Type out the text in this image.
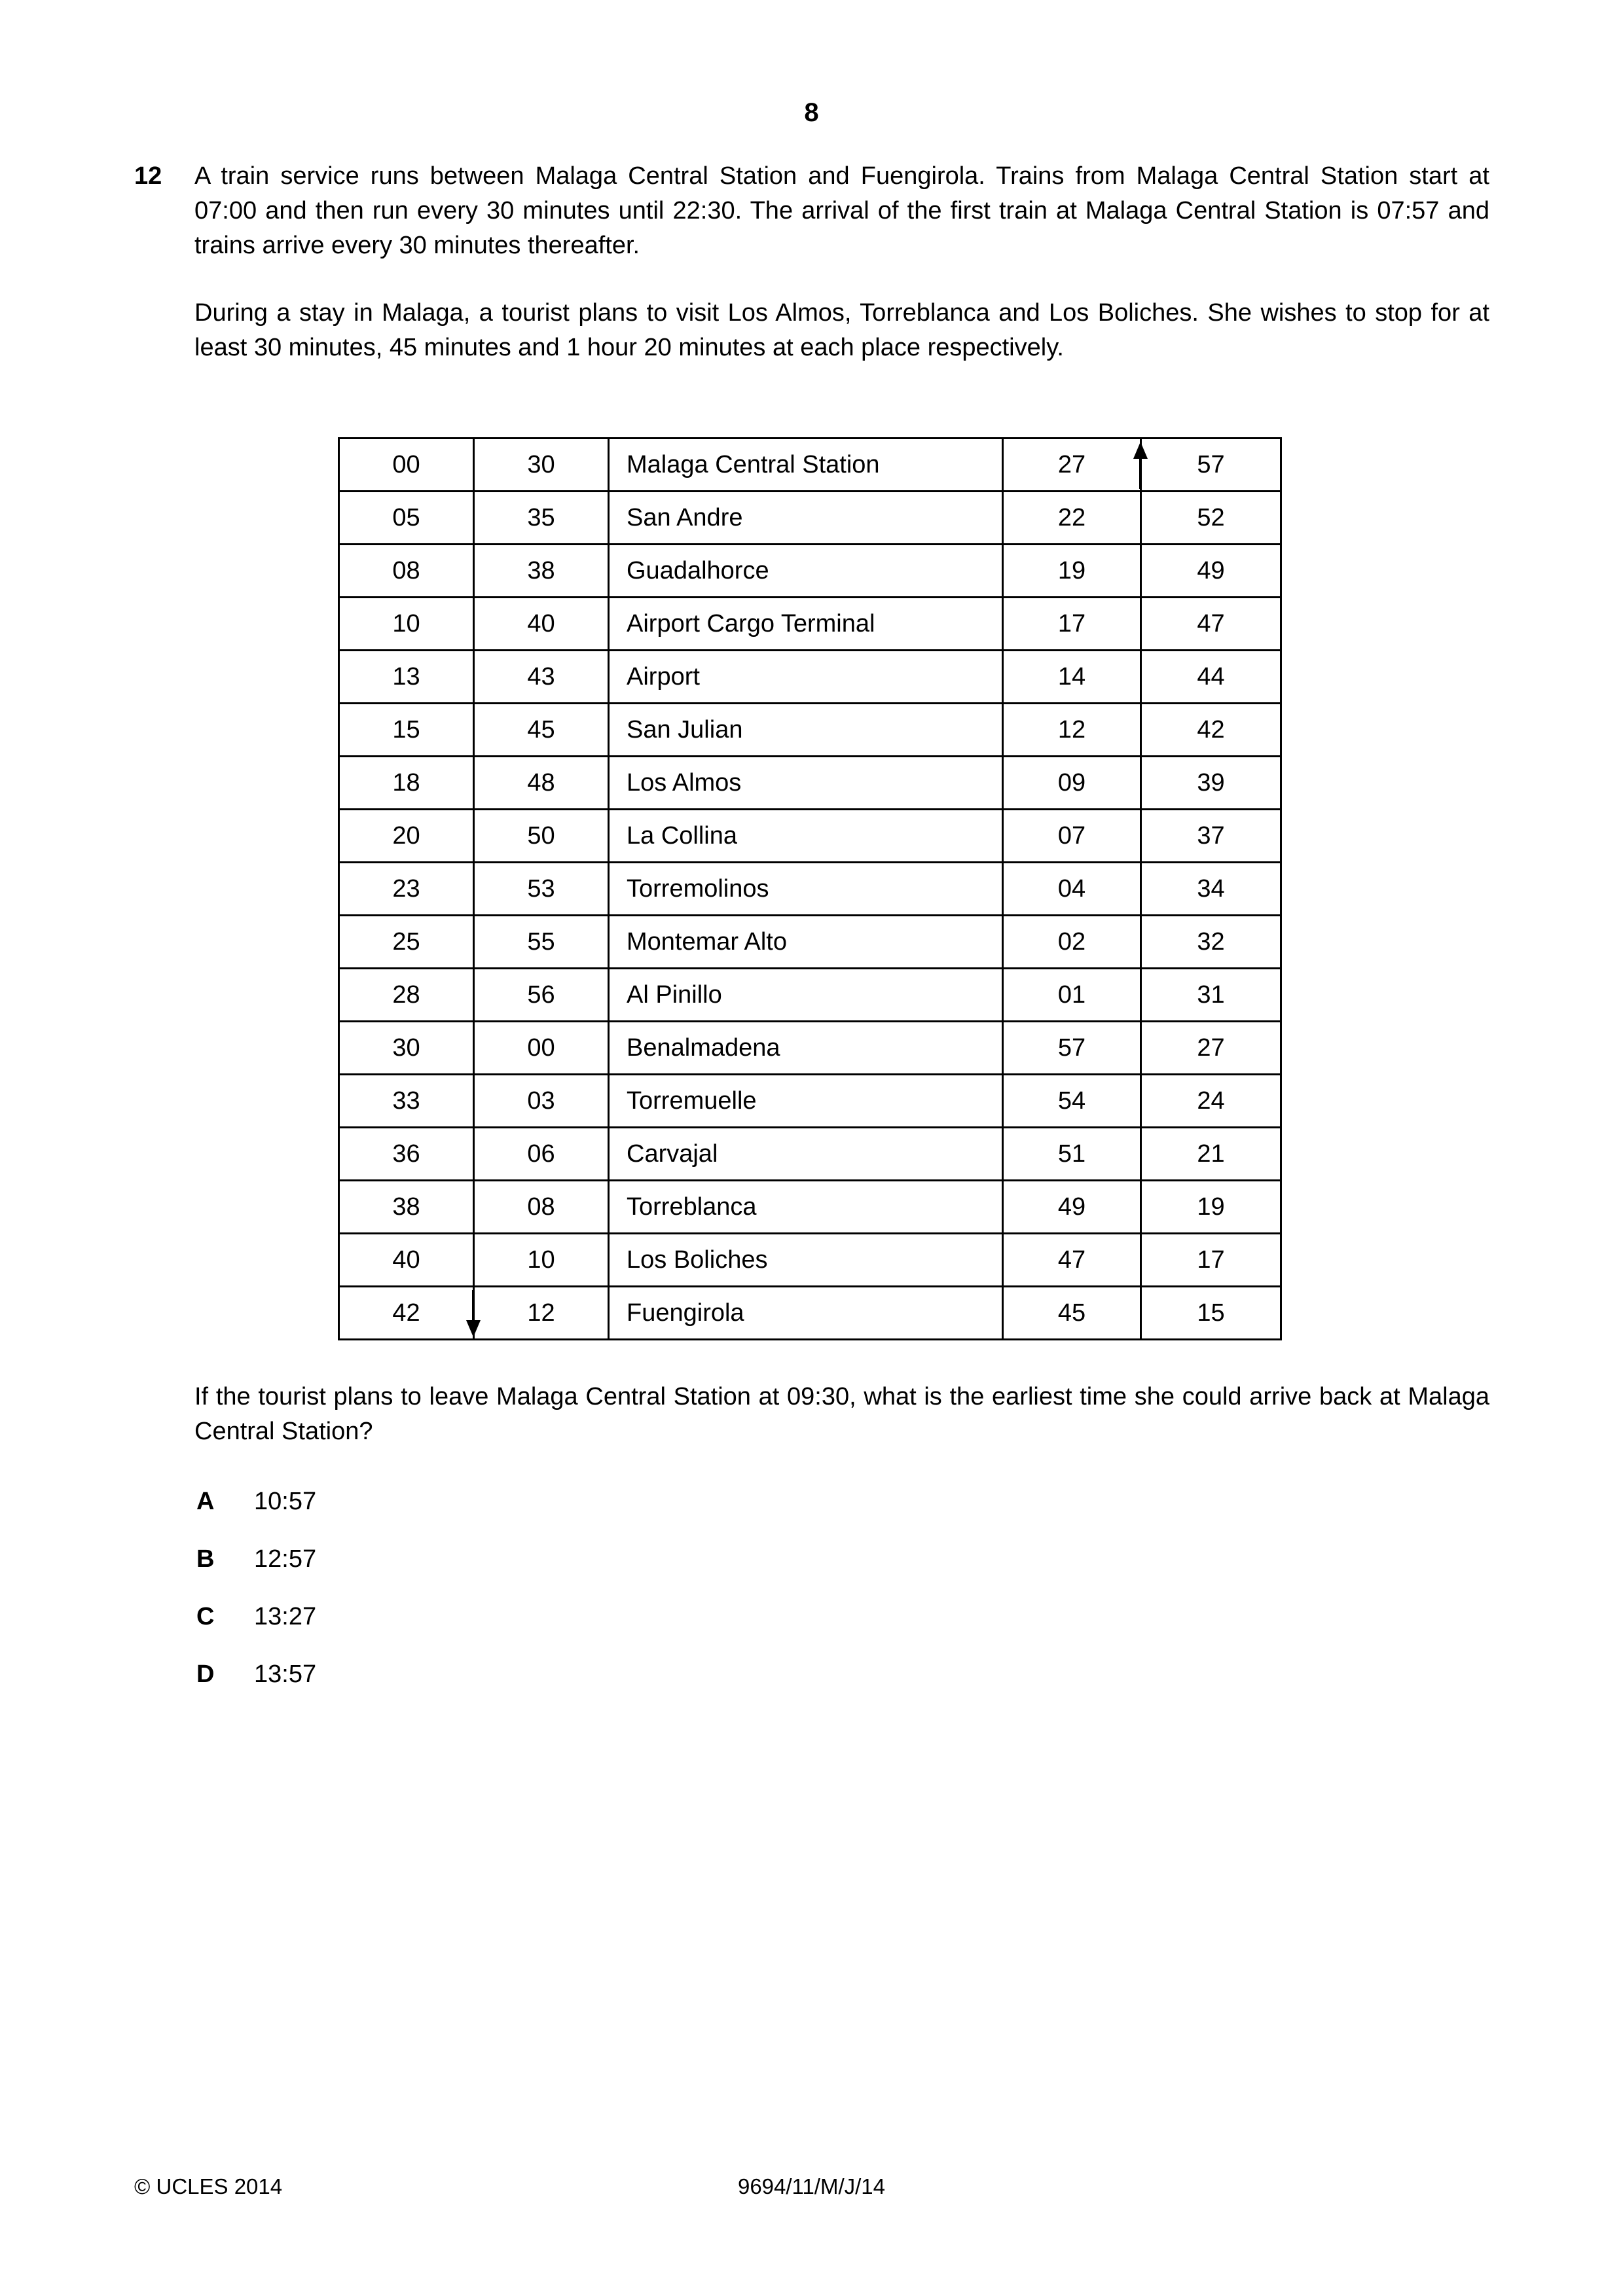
8
12	A train service runs between Malaga Central Station and Fuengirola. Trains from Malaga Central Station start at 07:00 and then run every 30 minutes until 22:30. The arrival of the first train at Malaga Central Station is 07:57 and trains arrive every 30 minutes thereafter.

During a stay in Malaga, a tourist plans to visit Los Almos, Torreblanca and Los Boliches. She wishes to stop for at least 30 minutes, 45 minutes and 1 hour 20 minutes at each place respectively.

00	30	Malaga Central Station	27	57
05	35	San Andre	22	52
08	38	Guadalhorce	19	49
10	40	Airport Cargo Terminal	17	47
13	43	Airport	14	44
15	45	San Julian	12	42
18	48	Los Almos	09	39
20	50	La Collina	07	37
23	53	Torremolinos	04	34
25	55	Montemar Alto	02	32
28	56	Al Pinillo	01	31
30	00	Benalmadena	57	27
33	03	Torremuelle	54	24
36	06	Carvajal	51	21
38	08	Torreblanca	49	19
40	10	Los Boliches	47	17
42	12	Fuengirola	45	15
If the tourist plans to leave Malaga Central Station at 09:30, what is the earliest time she could arrive back at Malaga Central Station?
A	10:57
B	12:57
C	13:27
D	13:57
© UCLES 2014	9694/11/M/J/14
